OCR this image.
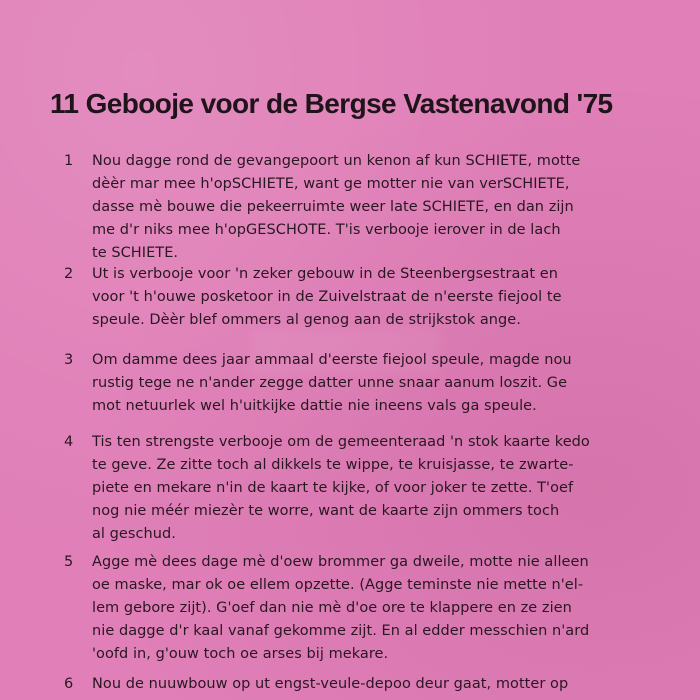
11 Gebooje voor de Bergse Vastenavond '75
1	Nou dagge rond de gevangepoort un kenon af kun SCHIETE, motte
dèèr mar mee h'opSCHIETE, want ge motter nie van verSCHIETE,
dasse mè bouwe die pekeerruimte weer late SCHIETE, en dan zijn
me d'r niks mee h'opGESCHOTE. T'is verbooje ierover in de lach
te SCHIETE.
2	Ut is verbooje voor 'n zeker gebouw in de Steenbergsestraat en
voor 't h'ouwe posketoor in de Zuivelstraat de n'eerste fiejool te
speule. Dèèr blef ommers al genog aan de strijkstok ange.
3	Om damme dees jaar ammaal d'eerste fiejool speule, magde nou
rustig tege ne n'ander zegge datter unne snaar aanum loszit. Ge
mot netuurlek wel h'uitkijke dattie nie ineens vals ga speule.
4	Tis ten strengste verbooje om de gemeenteraad 'n stok kaarte kedo
te geve. Ze zitte toch al dikkels te wippe, te kruisjasse, te zwarte-
piete en mekare n'in de kaart te kijke, of voor joker te zette. T'oef
nog nie méér miezèr te worre, want de kaarte zijn ommers toch
al geschud.
5	Agge mè dees dage mè d'oew brommer ga dweile, motte nie alleen
oe maske, mar ok oe ellem opzette. (Agge teminste nie mette n'el-
lem gebore zijt). G'oef dan nie mè d'oe ore te klappere en ze zien
nie dagge d'r kaal vanaf gekomme zijt. En al edder messchien n'ard
'oofd in, g'ouw toch oe arses bij mekare.
6	Nou de nuuwbouw op ut engst-veule-depoo deur gaat, motter op
